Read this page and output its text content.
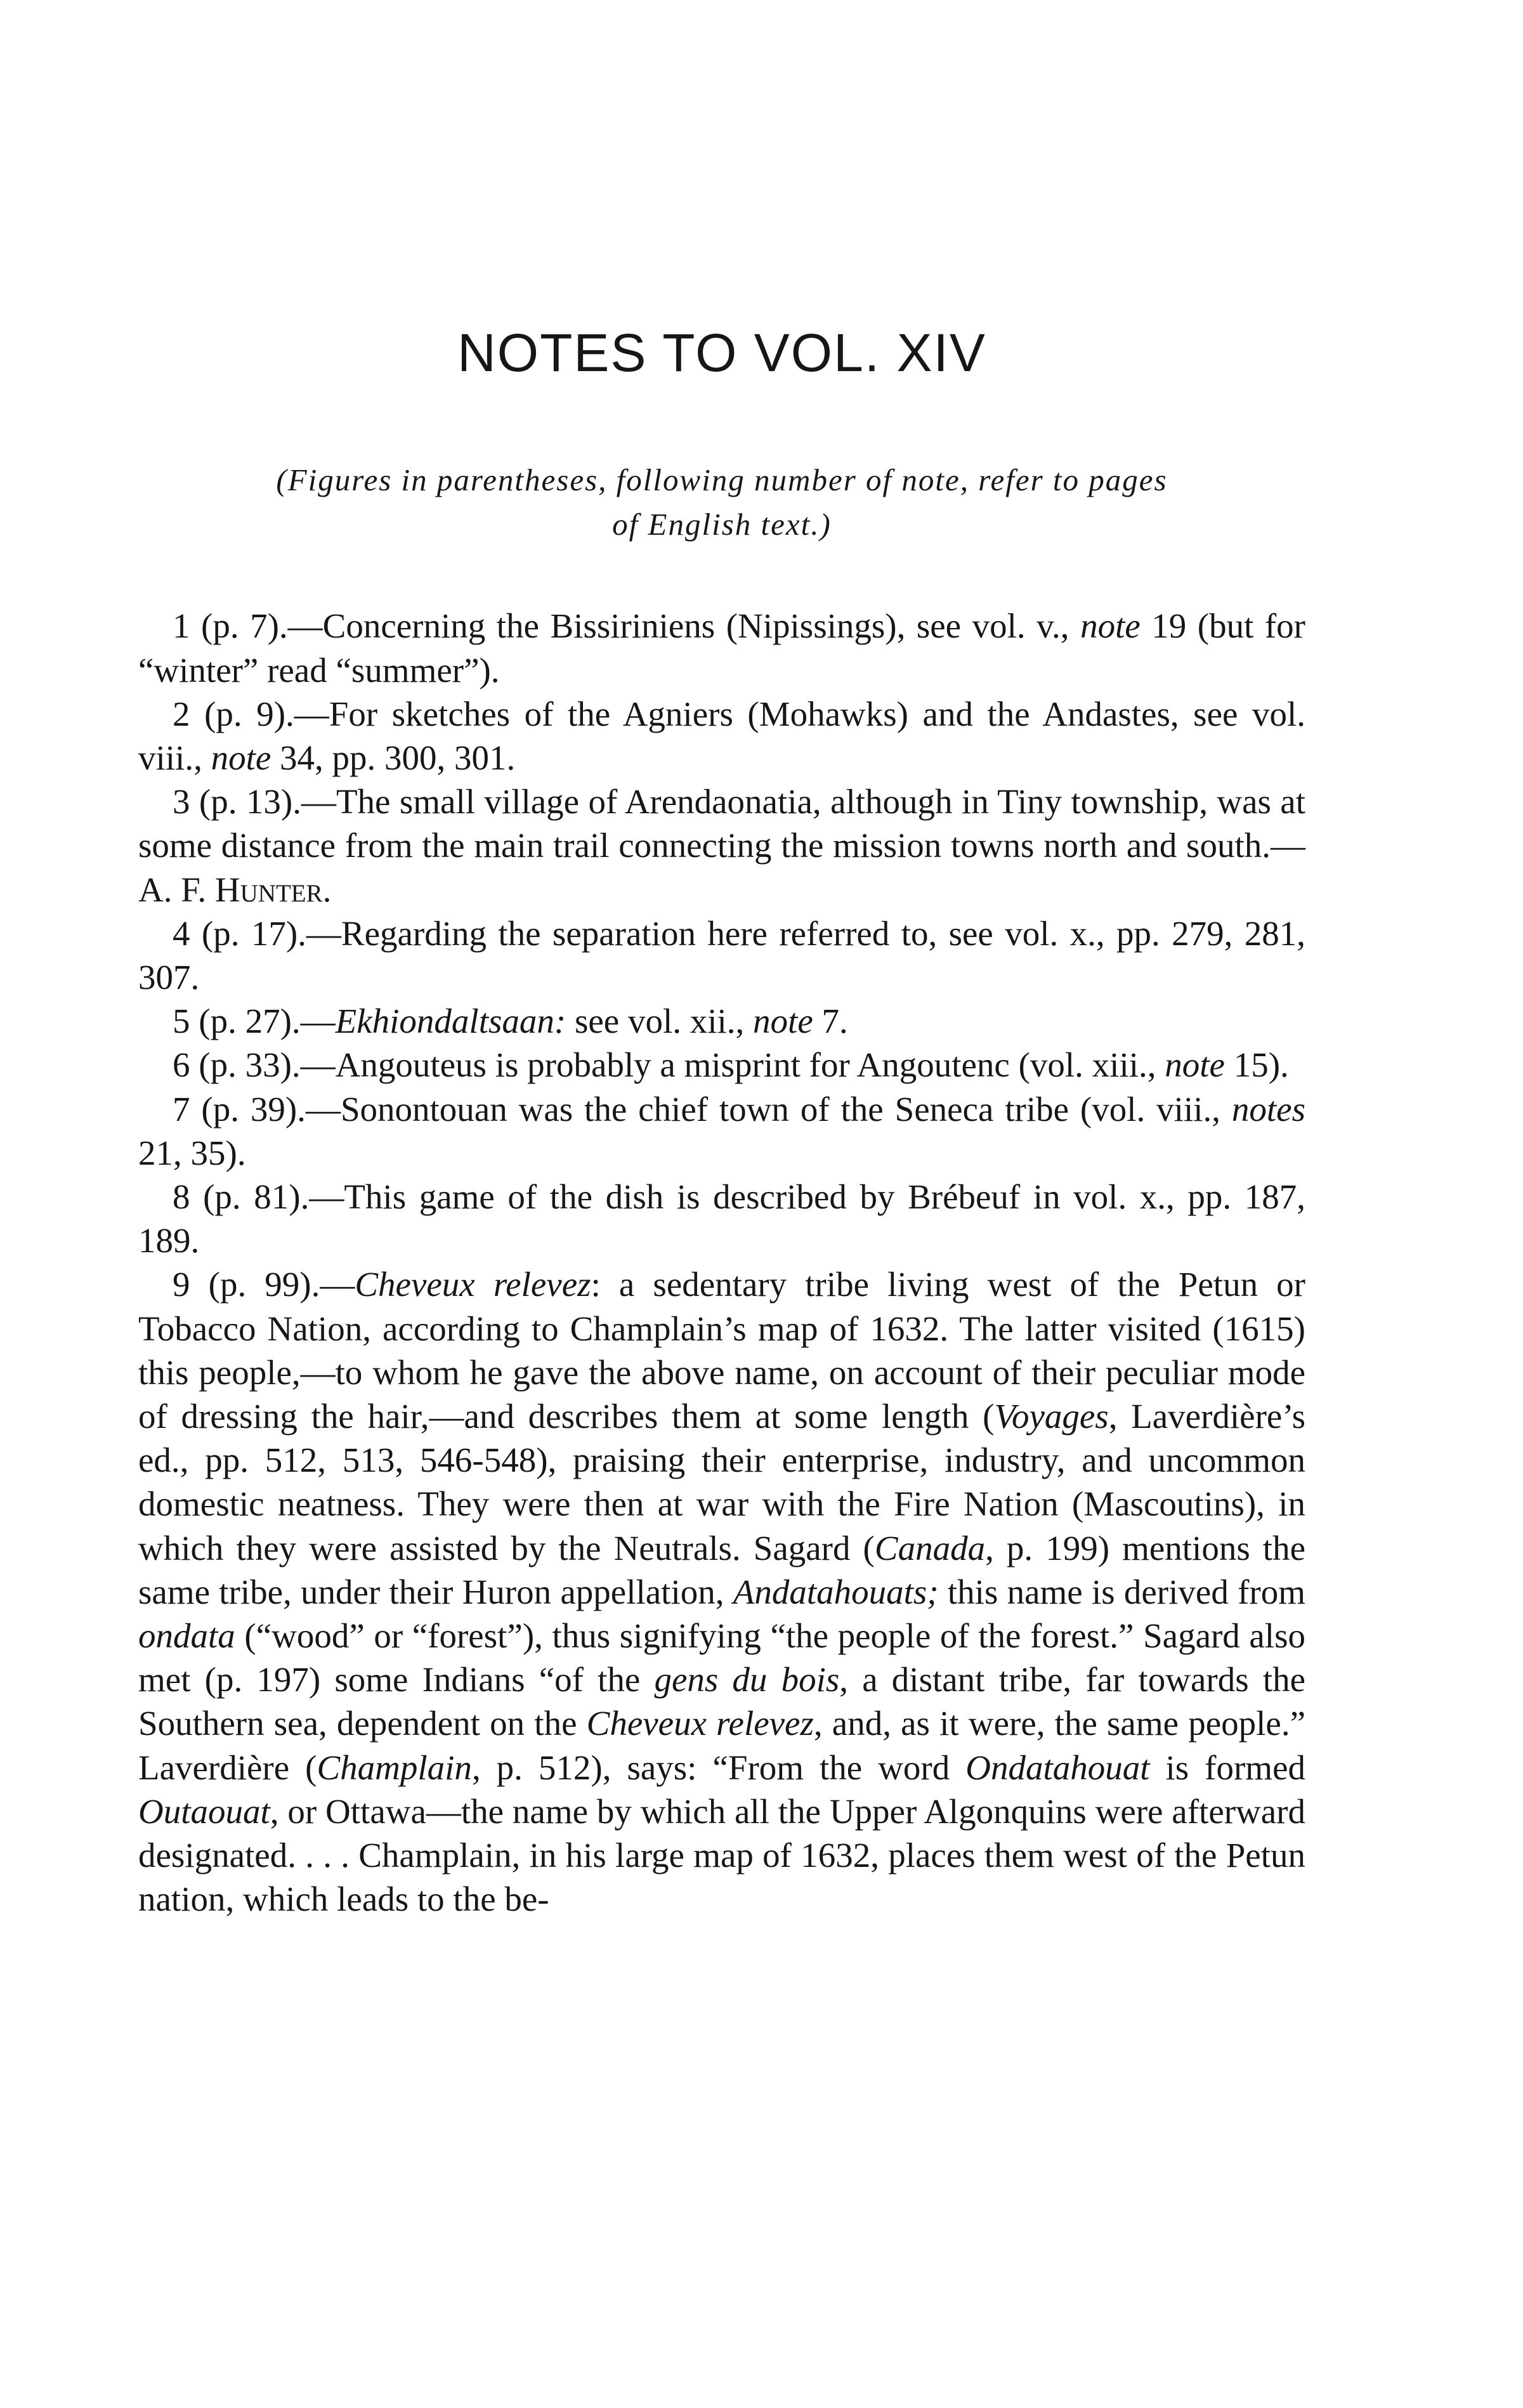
NOTES TO VOL. XIV
(Figures in parentheses, following number of note, refer to pages
of English text.)

1 (p. 7).—Concerning the Bissiriniens (Nipissings), see vol. v., note 19 (but for “winter” read “summer”).

2 (p. 9).—For sketches of the Agniers (Mohawks) and the Andastes, see vol. viii., note 34, pp. 300, 301.

3 (p. 13).—The small village of Arendaonatia, although in Tiny township, was at some distance from the main trail connecting the mission towns north and south.—A. F. Hunter.

4 (p. 17).—Regarding the separation here referred to, see vol. x., pp. 279, 281, 307.

5 (p. 27).—Ekhiondaltsaan: see vol. xii., note 7.

6 (p. 33).—Angouteus is probably a misprint for Angoutenc (vol. xiii., note 15).

7 (p. 39).—Sonontouan was the chief town of the Seneca tribe (vol. viii., notes 21, 35).

8 (p. 81).—This game of the dish is described by Brébeuf in vol. x., pp. 187, 189.

9 (p. 99).—Cheveux relevez: a sedentary tribe living west of the Petun or Tobacco Nation, according to Champlain’s map of 1632. The latter visited (1615) this people,—to whom he gave the above name, on account of their peculiar mode of dressing the hair,—and describes them at some length (Voyages, Laverdière’s ed., pp. 512, 513, 546-548), praising their enterprise, industry, and uncommon domestic neatness. They were then at war with the Fire Nation (Mascoutins), in which they were assisted by the Neutrals. Sagard (Canada, p. 199) mentions the same tribe, under their Huron appellation, Andatahouats; this name is derived from ondata (“wood” or “forest”), thus signifying “the people of the forest.” Sagard also met (p. 197) some Indians “of the gens du bois, a distant tribe, far towards the Southern sea, dependent on the Cheveux relevez, and, as it were, the same people.” Laverdière (Champlain, p. 512), says: “From the word Ondatahouat is formed Outaouat, or Ottawa—the name by which all the Upper Algonquins were afterward designated. . . . Champlain, in his large map of 1632, places them west of the Petun nation, which leads to the be-
